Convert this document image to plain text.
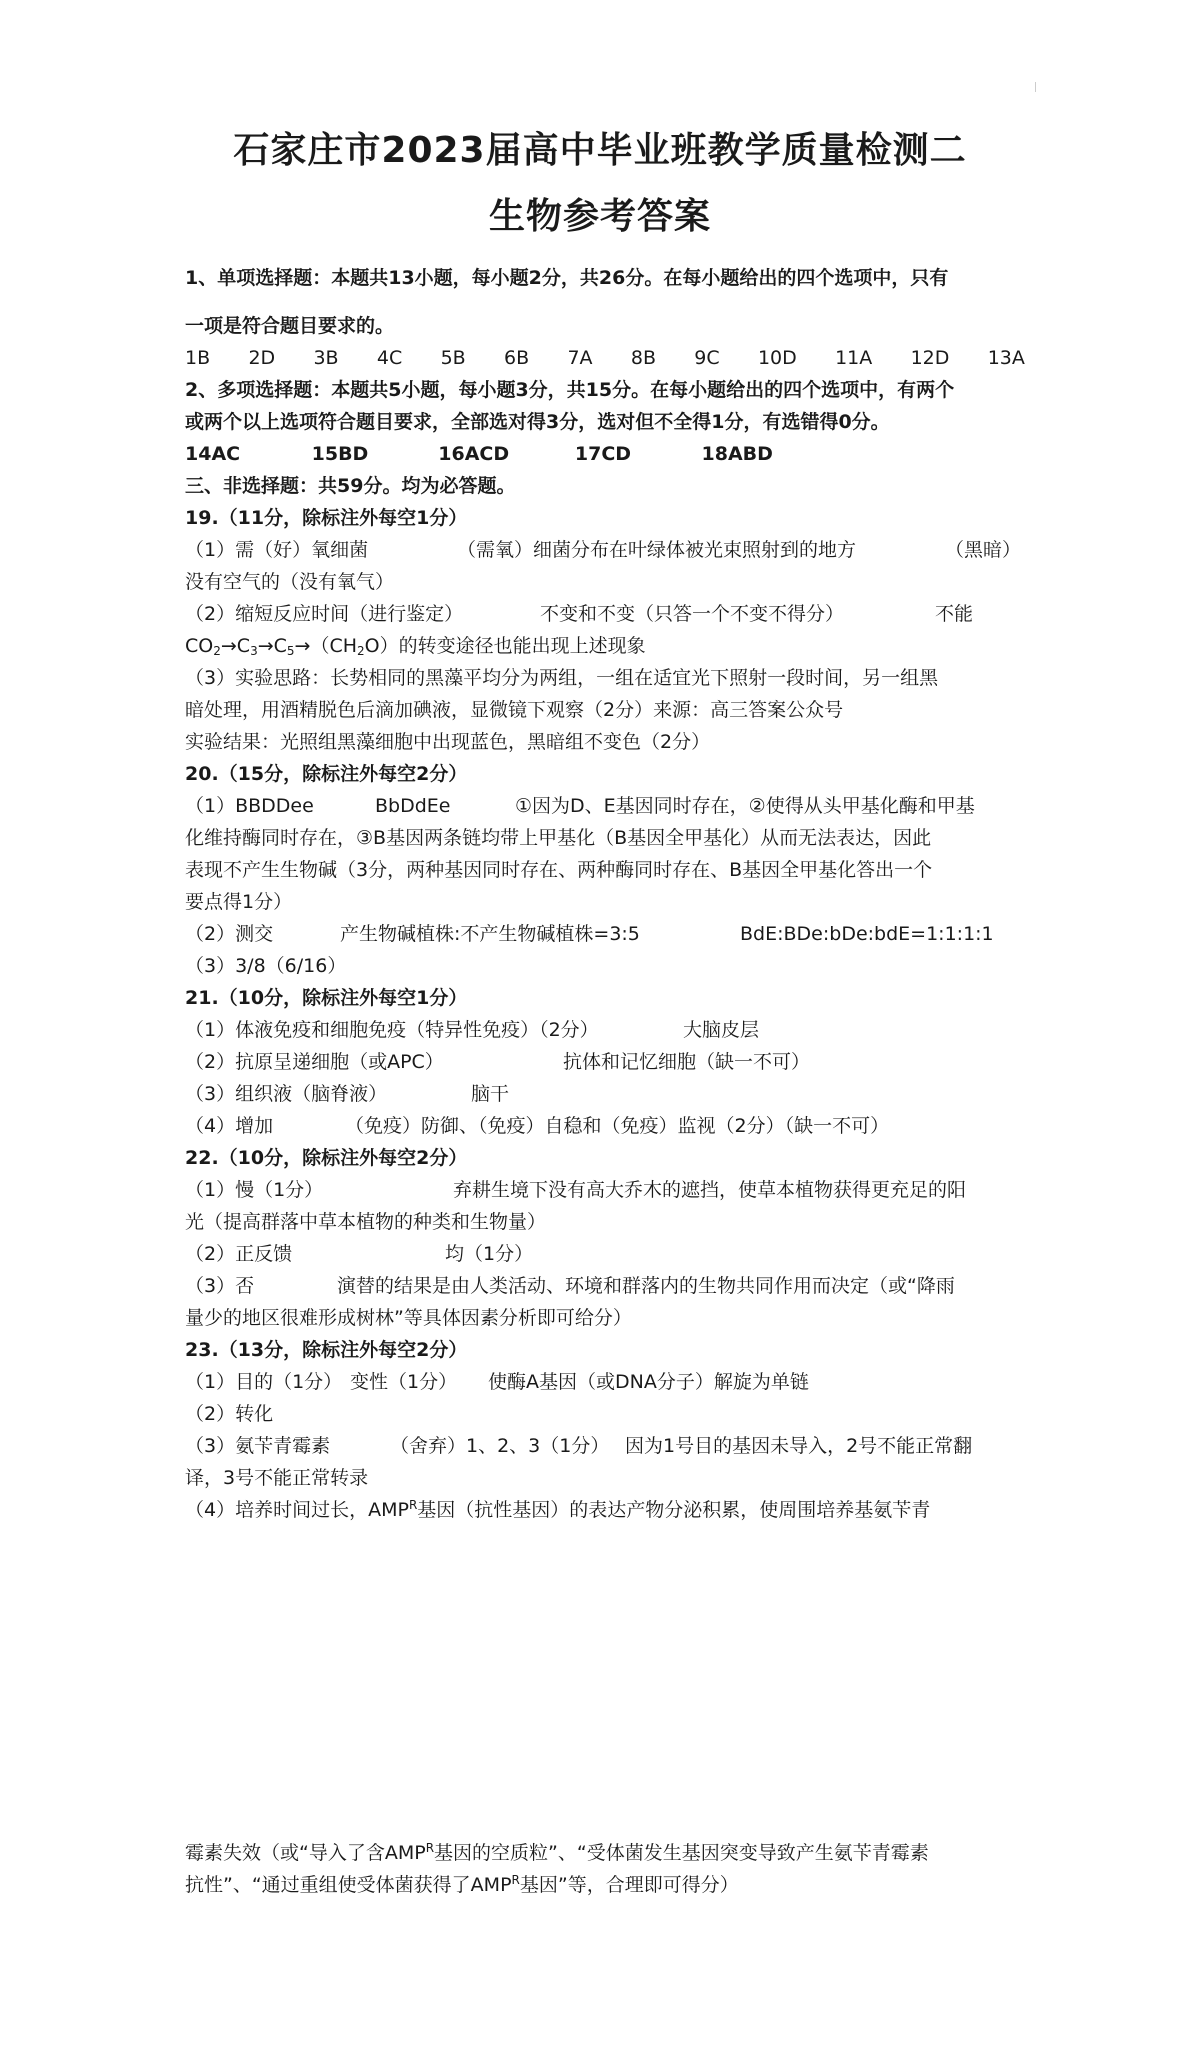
石家庄市2023届高中毕业班教学质量检测二
生物参考答案
1、单项选择题：本题共13小题，每小题2分，共26分。在每小题给出的四个选项中，只有
一项是符合题目要求的。
1B 2D 3B 4C 5B 6B 7A 8B 9C 10D 11A 12D 13A
2、多项选择题：本题共5小题，每小题3分，共15分。在每小题给出的四个选项中，有两个
或两个以上选项符合题目要求，全部选对得3分，选对但不全得1分，有选错得0分。
14AC	15BD	16ACD	17CD	18ABD
三、非选择题：共59分。均为必答题。
19.（11分，除标注外每空1分）
（1）需（好）氧细菌	（需氧）细菌分布在叶绿体被光束照射到的地方	（黑暗）
没有空气的（没有氧气）
（2）缩短反应时间（进行鉴定）	不变和不变（只答一个不变不得分）	不能
$CO_2\to C_3\to C_5\to(CH_2O)$的转变途径也能出现上述现象
（3）实验思路：长势相同的黑藻平均分为两组，一组在适宜光下照射一段时间，另一组黑
暗处理，用酒精脱色后滴加碘液，显微镜下观察（2分）来源：高三答案公众号
实验结果：光照组黑藻细胞中出现蓝色，黑暗组不变色（2分）
20.（15分，除标注外每空2分）
（1）BBDDee	BbDdEe	①因为D、E基因同时存在，②使得从头甲基化酶和甲基
化维持酶同时存在，③B基因两条链均带上甲基化（B基因全甲基化）从而无法表达，因此
表现不产生生物碱（3分，两种基因同时存在、两种酶同时存在、B基因全甲基化答出一个
要点得1分）
（2）测交	产生物碱植株:不产生物碱植株=3:5	BdE:BDe:bDe:bdE=1:1:1:1
（3）3/8（6/16）
21.（10分，除标注外每空1分）
（1）体液免疫和细胞免疫（特异性免疫）（2分）	大脑皮层
（2）抗原呈递细胞（或APC）	抗体和记忆细胞（缺一不可）
（3）组织液（脑脊液）	脑干
（4）增加	（免疫）防御、（免疫）自稳和（免疫）监视（2分）（缺一不可）
22.（10分，除标注外每空2分）
（1）慢（1分）	弃耕生境下没有高大乔木的遮挡，使草本植物获得更充足的阳
光（提高群落中草本植物的种类和生物量）
（2）正反馈	均（1分）
（3）否	演替的结果是由人类活动、环境和群落内的生物共同作用而决定（或“降雨
量少的地区很难形成树林”等具体因素分析即可给分）
23.（13分，除标注外每空2分）
（1）目的（1分） 变性（1分） 使酶A基因（或DNA分子）解旋为单链
（2）转化
（3）氨苄青霉素	（舍弃）1、2、3（1分） 因为1号目的基因未导入，2号不能正常翻
译，3号不能正常转录
（4）培养时间过长，$AMP^R$基因（抗性基因）的表达产物分泌积累，使周围培养基氨苄青
霉素失效（或“导入了含$AMP^R$基因的空质粒”、“受体菌发生基因突变导致产生氨苄青霉素
抗性”、“通过重组使受体菌获得了$AMP^R$基因”等，合理即可得分）
